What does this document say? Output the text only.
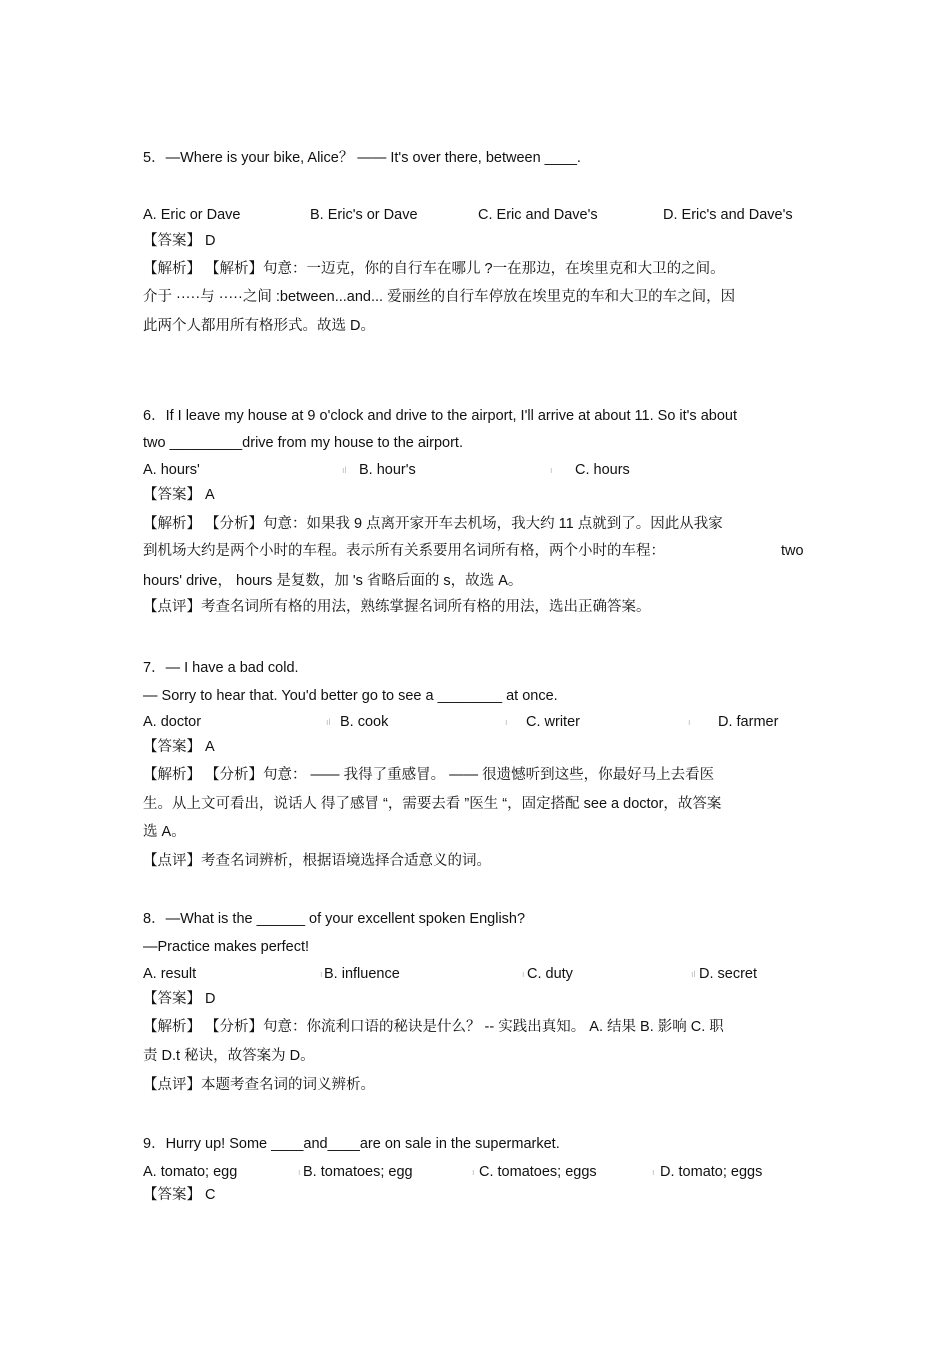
5．—Where is your bike, Alice？ —— It's over there, between ____.
A. Eric or Dave	B. Eric's or Dave	C. Eric and Dave's	D. Eric's and Dave's
【答案】 D
【解析】 【解析】句意：一迈克，你的自行车在哪儿 ?一在那边，在埃里克和大卫的之间。
介于 ·····与 ·····之间 :between...and... 爱丽丝的自行车停放在埃里克的车和大卫的车之间，因
此两个人都用所有格形式。故选 D。
6．If I leave my house at 9 o'clock and drive to the airport, I'll arrive at about 11. So it's about
two _________drive from my house to the airport.
A. hours'	ıl B. hour's	ı C. hours
【答案】 A
【解析】 【分析】句意：如果我 9 点离开家开车去机场，我大约 11 点就到了。因此从我家
到机场大约是两个小时的车程。表示所有关系要用名词所有格，两个小时的车程：	two
hours' drive， hours 是复数，加 's 省略后面的 s，故选 A。
【点评】考查名词所有格的用法，熟练掌握名词所有格的用法，选出正确答案。
7．— I have a bad cold.
— Sorry to hear that. You'd better go to see a ________ at once.
A. doctor	ıl B. cook	ı C. writer	ı D. farmer
【答案】 A
【解析】 【分析】句意： —— 我得了重感冒。 —— 很遗憾听到这些，你最好马上去看医
生。从上文可看出，说话人 得了感冒 “，需要去看 ”医生 “，固定搭配 see a doctor，故答案
选 A。
【点评】考查名词辨析，根据语境选择合适意义的词。
8．—What is the ______ of your excellent spoken English?
—Practice makes perfect!
A. result	ı B. influence	ı C. duty	ıl D. secret
【答案】 D
【解析】 【分析】句意：你流利口语的秘诀是什么？ -- 实践出真知。 A. 结果 B. 影响 C. 职
责 D.t 秘诀，故答案为 D。
【点评】本题考查名词的词义辨析。
9．Hurry up! Some ____and____are on sale in the supermarket.
A. tomato; egg	ı B. tomatoes; egg	ı C. tomatoes; eggs	ı D. tomato; eggs
【答案】 C
